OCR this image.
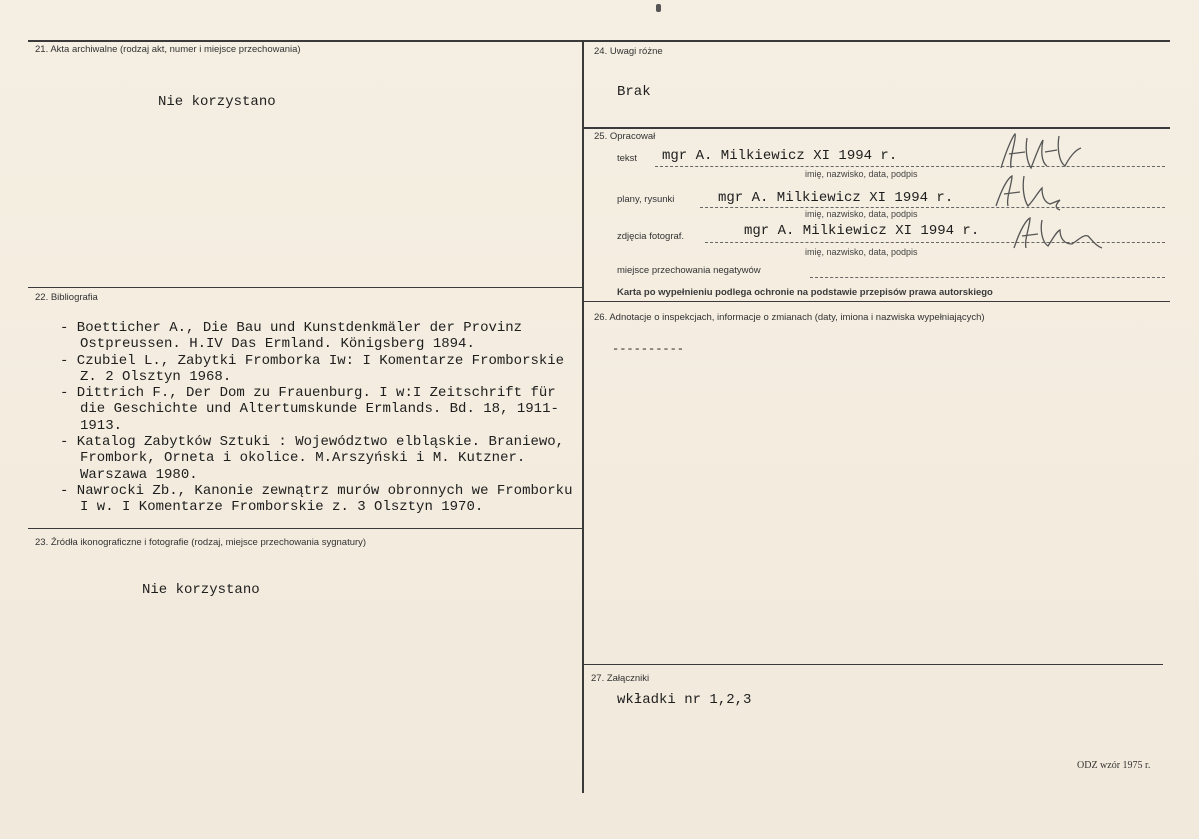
21. Akta archiwalne (rodzaj akt, numer i miejsce przechowania)
Nie korzystano
22. Bibliografia
- Boetticher A., Die Bau und Kunstdenkmäler der Provinz Ostpreussen. H.IV Das Ermland. Königsberg 1894.
- Czubiel L., Zabytki Fromborka Iw: I Komentarze Fromborskie Z. 2 Olsztyn 1968.
- Dittrich F., Der Dom zu Frauenburg. I w:I Zeitschrift für die Geschichte und Altertumskunde Ermlands. Bd. 18, 1911-1913.
- Katalog Zabytków Sztuki : Województwo elbląskie. Braniewo, Frombork, Orneta i okolice. M.Arszyński i M. Kutzner. Warszawa 1980.
- Nawrocki Zb., Kanonie zewnątrz murów obronnych we Fromborku I w. I Komentarze Fromborskie z. 3 Olsztyn 1970.
23. Źródła ikonograficzne i fotografie (rodzaj, miejsce przechowania sygnatury)
Nie korzystano
24. Uwagi różne
Brak
25. Opracował
tekst mgr A. Milkiewicz XI 1994 r.
imię, nazwisko, data, podpis
plany, rysunki	mgr A. Milkiewicz XI 1994 r.
imię, nazwisko, data, podpis
zdjęcia fotograf.	mgr A. Milkiewicz XI 1994 r.
imię, nazwisko, data, podpis
miejsce przechowania negatywów
Karta po wypełnieniu podlega ochronie na podstawie przepisów prawa autorskiego
26. Adnotacje o inspekcjach, informacje o zmianach (daty, imiona i nazwiska wypełniających)
----------
27. Załączniki
wkładki nr 1,2,3
ODZ wzór 1975 r.
